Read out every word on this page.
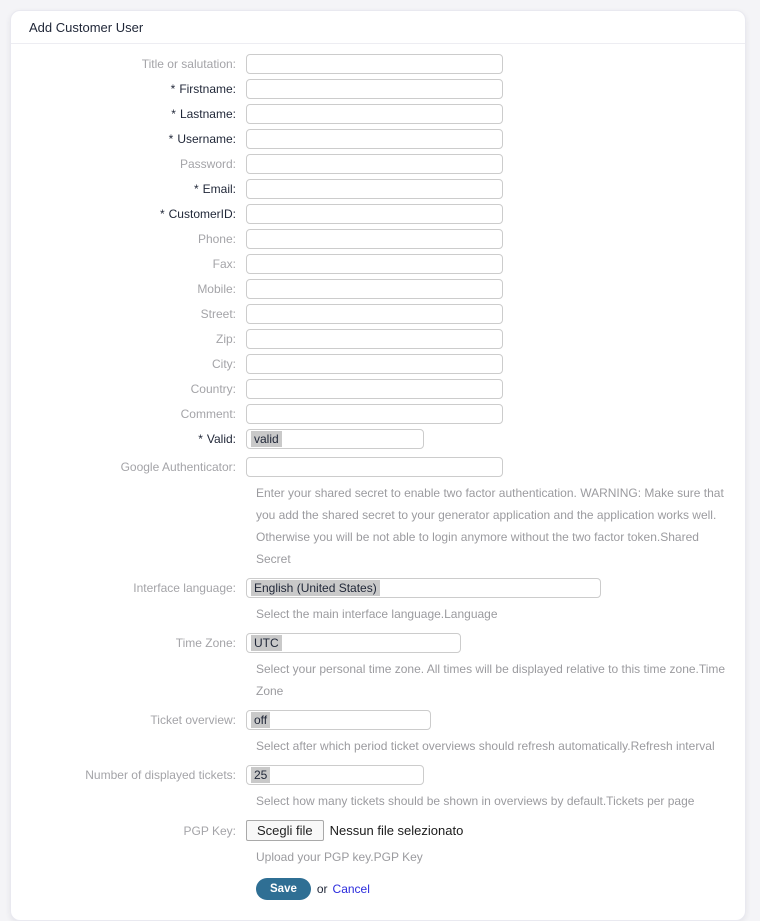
Add Customer User
Title or salutation:
* Firstname:
* Lastname:
* Username:
Password:
* Email:
* CustomerID:
Phone:
Fax:
Mobile:
Street:
Zip:
City:
Country:
Comment:
* Valid:	valid
Google Authenticator:

Enter your shared secret to enable two factor authentication. WARNING: Make sure that you add the shared secret to your generator application and the application works well. Otherwise you will be not able to login anymore without the two factor token.Shared Secret

Interface language:	English (United States)

Select the main interface language.Language

Time Zone:	UTC

Select your personal time zone. All times will be displayed relative to this time zone.Time Zone

Ticket overview:	off

Select after which period ticket overviews should refresh automatically.Refresh interval

Number of displayed tickets:	25

Select how many tickets should be shown in overviews by default.Tickets per page

PGP Key:	Scegli file	Nessun file selezionato

Upload your PGP key.PGP Key

Save	or Cancel
